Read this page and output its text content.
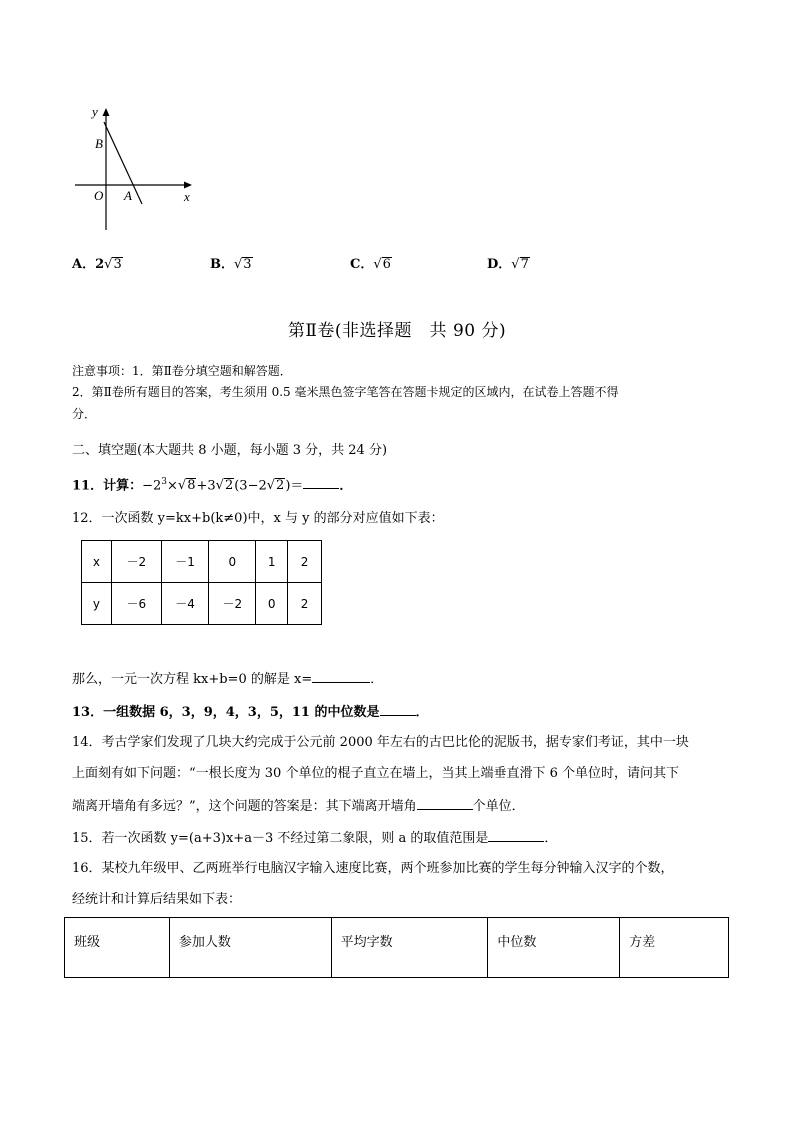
y
x
O A
B
A．2√3	B．√3	C．√6	D．√7
第Ⅱ卷(非选择题　共 90 分)
注意事项：1．第Ⅱ卷分填空题和解答题．
2．第Ⅱ卷所有题目的答案，考生须用 0.5 毫米黑色签字笔答在答题卡规定的区域内，在试卷上答题不得
分．
二、填空题(本大题共 8 小题，每小题 3 分，共 24 分)
11．计算：$-2^3\times√8+3√2(3-2√2)=$	．
12．一次函数 y=kx+b(k≠0)中，x 与 y 的部分对应值如下表：
x	－2	－1	0	1	2
y	－6	－4	－2	0	2
那么，一元一次方程 kx+b=0 的解是 x=	．
13．一组数据 6，3，9，4，3，5，11 的中位数是	．
14．考古学家们发现了几块大约完成于公元前 2000 年左右的古巴比伦的泥版书，据专家们考证，其中一块
上面刻有如下问题：“一根长度为 30 个单位的棍子直立在墙上，当其上端垂直滑下 6 个单位时，请问其下
端离开墙角有多远？”，这个问题的答案是：其下端离开墙角	个单位．
15．若一次函数 y=(a+3)x+a－3 不经过第二象限，则 a 的取值范围是	．
16．某校九年级甲、乙两班举行电脑汉字输入速度比赛，两个班参加比赛的学生每分钟输入汉字的个数，
经统计和计算后结果如下表：
班级	参加人数	平均字数	中位数	方差
